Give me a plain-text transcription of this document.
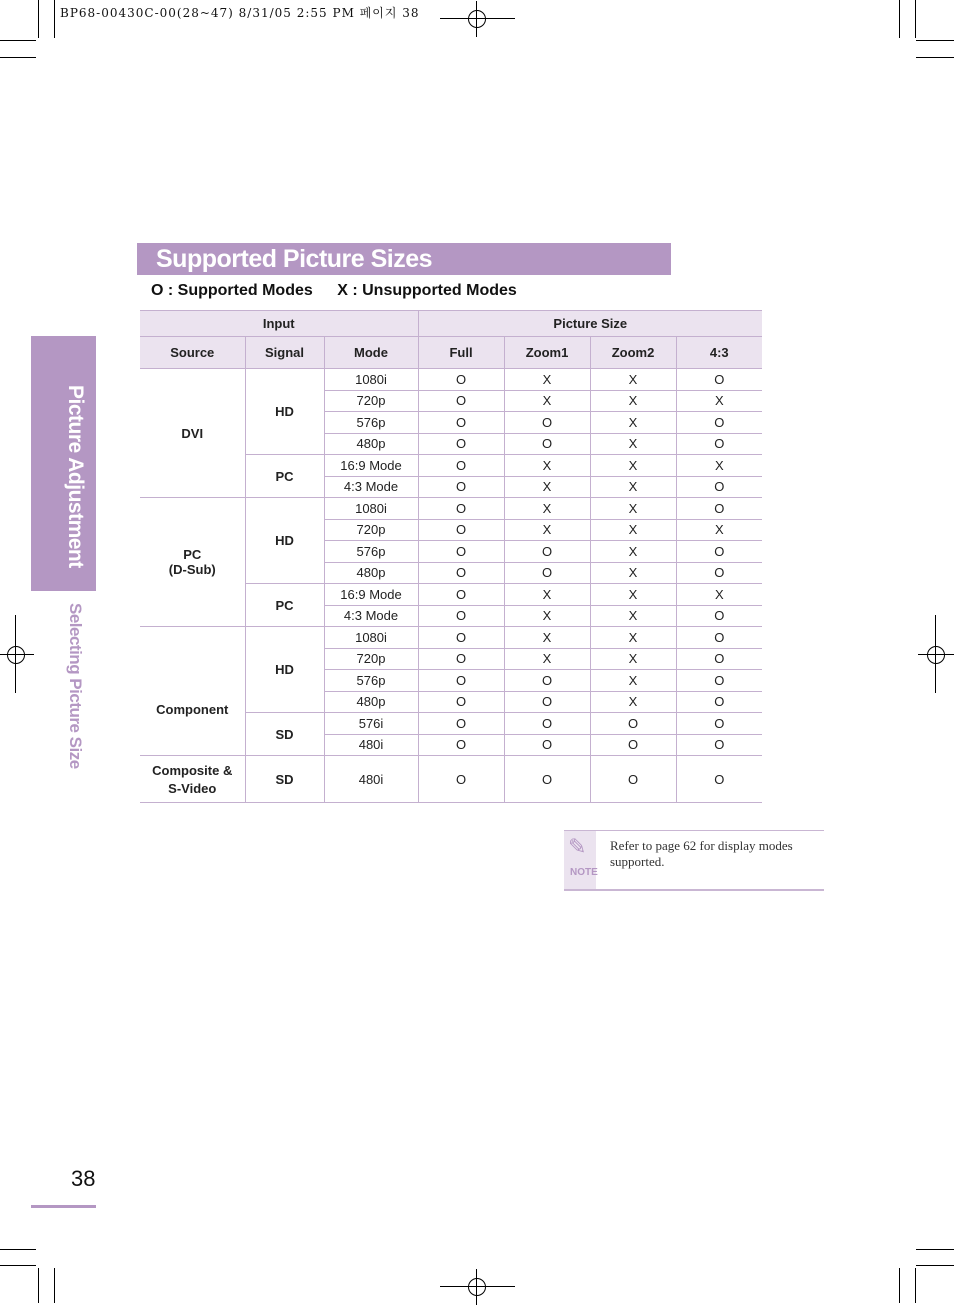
BP68-00430C-00(28~47) 8/31/05 2:55 PM 페이지 38
Picture Adjustment
Selecting Picture Size
Supported Picture Sizes
O : Supported Modes X : Unsupported Modes
Input			Picture Size			
Source	Signal	Mode	Full	Zoom1	Zoom2	4:3
DVI	HD	1080i	O	X	X	O
		720p	O	X	X	X
		576p	O	O	X	O
		480p	O	O	X	O
	PC	16:9 Mode	O	X	X	X
		4:3 Mode	O	X	X	O

PC
(D-Sub)	HD	1080i	O	X	X	O
		720p	O	X	X	X
		576p	O	O	X	O
		480p	O	O	X	O
	PC	16:9 Mode	O	X	X	X
		4:3 Mode	O	X	X	O
Component	HD	1080i	O	X	X	O
		720p	O	X	X	O
		576p	O	O	X	O
		480p	O	O	X	O
	SD	576i	O	O	O	O
		480i	O	O	O	O

Composite &
S-Video	SD	480i	O	O	O	O
✎
NOTE
Refer to page 62 for display modes supported.
38
